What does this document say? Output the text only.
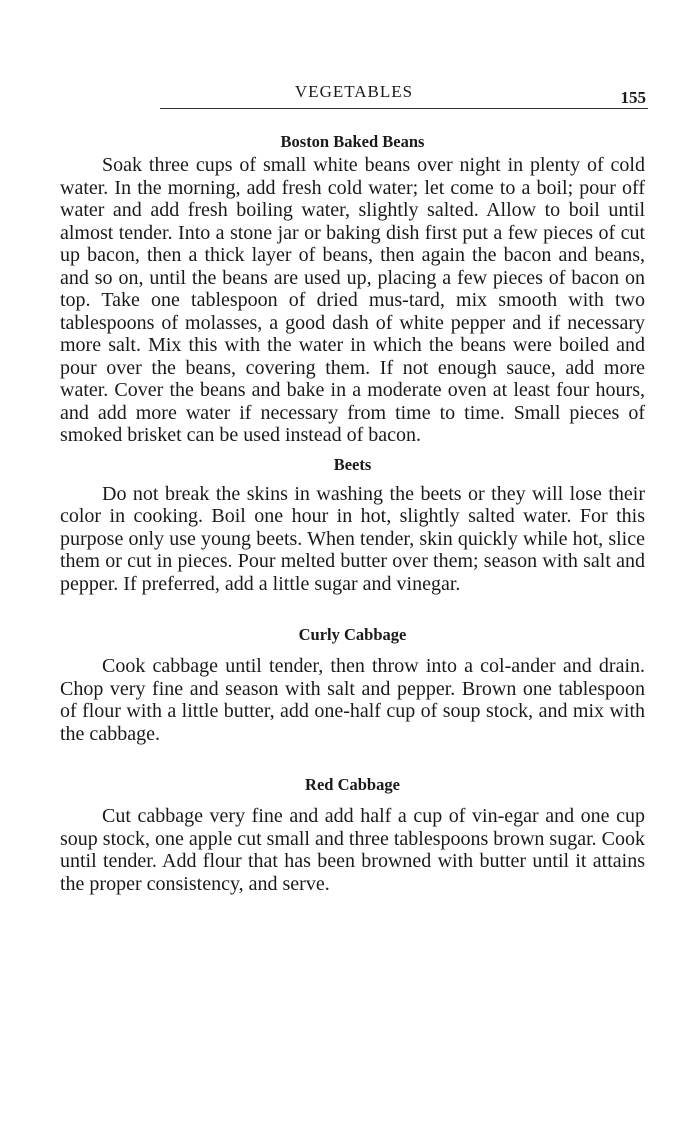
VEGETABLES	155
Boston Baked Beans

Soak three cups of small white beans over night in plenty of cold water. In the morning, add fresh cold water; let come to a boil; pour off water and add fresh boiling water, slightly salted. Allow to boil until almost tender. Into a stone jar or baking dish first put a few pieces of cut up bacon, then a thick layer of beans, then again the bacon and beans, and so on, until the beans are used up, placing a few pieces of bacon on top. Take one tablespoon of dried mus-tard, mix smooth with two tablespoons of molasses, a good dash of white pepper and if necessary more salt. Mix this with the water in which the beans were boiled and pour over the beans, covering them. If not enough sauce, add more water. Cover the beans and bake in a moderate oven at least four hours, and add more water if necessary from time to time. Small pieces of smoked brisket can be used instead of bacon.

Beets

Do not break the skins in washing the beets or they will lose their color in cooking. Boil one hour in hot, slightly salted water. For this purpose only use young beets. When tender, skin quickly while hot, slice them or cut in pieces. Pour melted butter over them; season with salt and pepper. If preferred, add a little sugar and vinegar.

Curly Cabbage

Cook cabbage until tender, then throw into a col-ander and drain. Chop very fine and season with salt and pepper. Brown one tablespoon of flour with a little butter, add one-half cup of soup stock, and mix with the cabbage.

Red Cabbage

Cut cabbage very fine and add half a cup of vin-egar and one cup soup stock, one apple cut small and three tablespoons brown sugar. Cook until tender. Add flour that has been browned with butter until it attains the proper consistency, and serve.
